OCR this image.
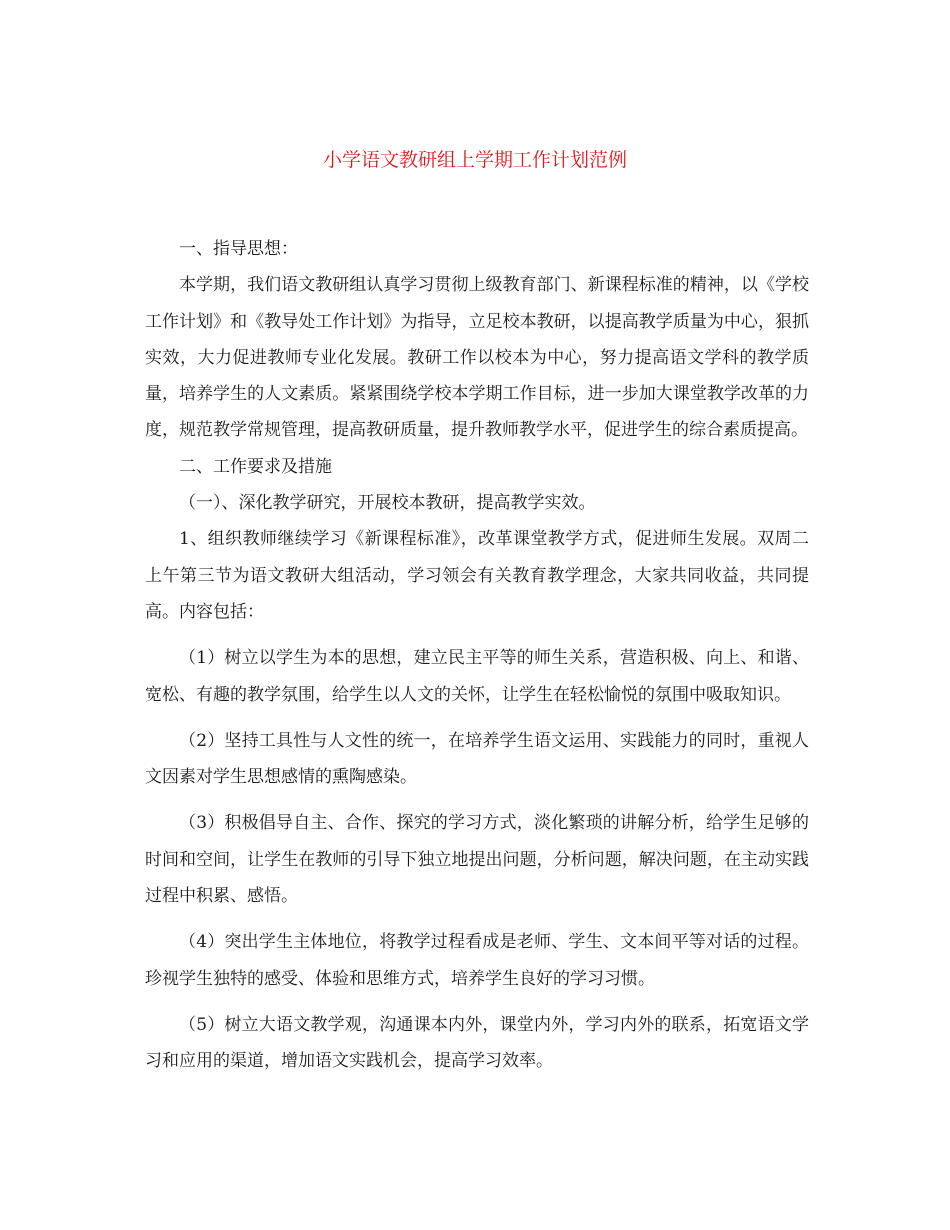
小学语文教研组上学期工作计划范例

一、指导思想：

本学期，我们语文教研组认真学习贯彻上级教育部门、新课程标准的精神，以《学校工作计划》和《教导处工作计划》为指导，立足校本教研，以提高教学质量为中心，狠抓实效，大力促进教师专业化发展。教研工作以校本为中心，努力提高语文学科的教学质量，培养学生的人文素质。紧紧围绕学校本学期工作目标，进一步加大课堂教学改革的力度，规范教学常规管理，提高教研质量，提升教师教学水平，促进学生的综合素质提高。

二、工作要求及措施

（一）、深化教学研究，开展校本教研，提高教学实效。

1、组织教师继续学习《新课程标准》，改革课堂教学方式，促进师生发展。双周二上午第三节为语文教研大组活动，学习领会有关教育教学理念，大家共同收益，共同提高。内容包括：

（1）树立以学生为本的思想，建立民主平等的师生关系，营造积极、向上、和谐、宽松、有趣的教学氛围，给学生以人文的关怀，让学生在轻松愉悦的氛围中吸取知识。

（2）坚持工具性与人文性的统一，在培养学生语文运用、实践能力的同时，重视人文因素对学生思想感情的熏陶感染。

（3）积极倡导自主、合作、探究的学习方式，淡化繁琐的讲解分析，给学生足够的时间和空间，让学生在教师的引导下独立地提出问题，分析问题，解决问题，在主动实践过程中积累、感悟。

（4）突出学生主体地位，将教学过程看成是老师、学生、文本间平等对话的过程。珍视学生独特的感受、体验和思维方式，培养学生良好的学习习惯。

（5）树立大语文教学观，沟通课本内外，课堂内外，学习内外的联系，拓宽语文学习和应用的渠道，增加语文实践机会，提高学习效率。
